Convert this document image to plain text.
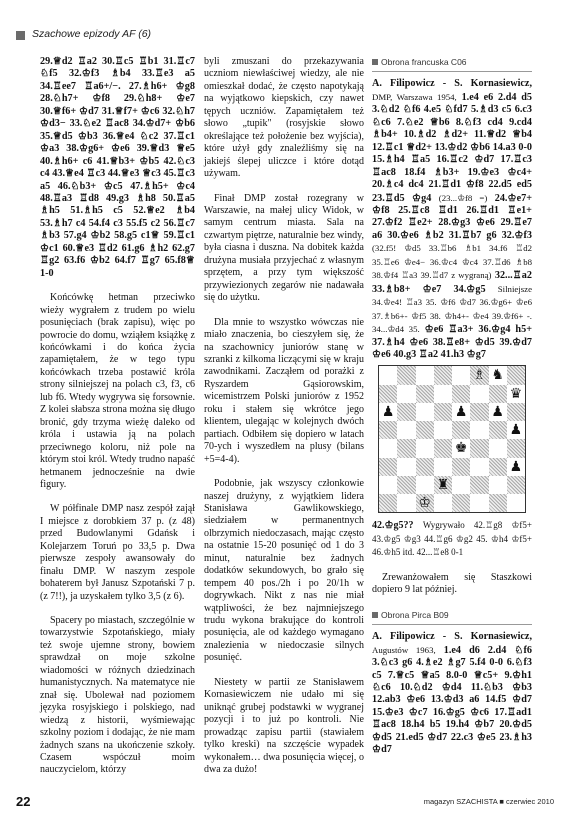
Szachowe epizody AF (6)

29.♕d2 ♖a2 30.♖c5 ♖b1 31.♖c7 ♘f5 32.♔f3 ♗b4 33.♖e3 a5 34.♖ee7 ♖a6+/−. 27.♗h6+ ♔g8 28.♘h7+ ♔f8 29.♘h8+ ♔e7 30.♕f6+ ♔d7 31.♕f7+ ♔c6 32.♘h7 ♔d3− 33.♘e2 ♖ac8 34.♔d7+ ♔b6 35.♕d5 ♔b3 36.♕e4 ♘c2 37.♖c1 ♔a3 38.♔g6+ ♔e6 39.♕d3 ♕e5 40.♗h6+ c6 41.♕b3+ ♔b5 42.♘c3 c4 43.♕e4 ♖c3 44.♕e3 ♕c3 45.♖c3 a5 46.♘b3+ ♔c5 47.♗h5+ ♔c4 48.♖a3 ♖d8 49.g3 ♗h8 50.♖a5 ♗h5 51.♗h5 c5 52.♕e2 ♗b4 53.♗h7 c4 54.f4 c3 55.f5 c2 56.♖c7 ♗b3 57.g4 ♔b2 58.g5 c1♕ 59.♖c1 ♔c1 60.♕e3 ♖d2 61.g6 ♗h2 62.g7 ♖g2 63.f6 ♔b2 64.f7 ♖g7 65.f8♕ 1-0

Końcówkę hetman przeciwko wieży wygrałem z trudem po wielu posunięciach (brak zapisu), więc po powrocie do domu, wziąłem książkę z końcówkami i do końca życia zapamiętałem, że w tego typu końcówkach trzeba postawić króla strony silniejszej na polach c3, f3, c6 lub f6. Wtedy wygrywa się forsownie. Z kolei słabsza strona można się długo bronić, gdy trzyma wieżę daleko od króla i ustawia ją na polach przeciwnego koloru, niż pole na którym stoi król. Wtedy trudno napaść hetmanem jednocześnie na dwie figury.

W półfinale DMP nasz zespół zajął I miejsce z dorobkiem 37 p. (z 48) przed Budowlanymi Gdańsk i Kolejarzem Toruń po 33,5 p. Dwa pierwsze zespoły awansowały do finału DMP. W naszym zespole bohaterem był Janusz Szpotański 7 p. (z 7!!), ja uzyskałem tylko 3,5 (z 6).

Spacery po miastach, szczególnie w towarzystwie Szpotańskiego, miały też swoje ujemne strony, bowiem sprawdzał on moje szkolne wiadomości w różnych dziedzinach humanistycznych. Na matematyce nie znał się. Ubolewał nad poziomem języka rosyjskiego i polskiego, nad wiedzą z historii, wyśmiewając szkolny poziom i dodając, że nie mam żadnych szans na ukończenie szkoły. Czasem wspóczuł moim nauczycielom, którzy

byli zmuszani do przekazywania uczniom niewłaściwej wiedzy, ale nie omieszkał dodać, że często napotykają na wyjątkowo kiepskich, czy nawet tępych uczniów. Zapamiętałem też słowo „tupik" (rosyjskie słowo określające też położenie bez wyjścia), które użył gdy znaleźliśmy się na jakiejś ślepej uliczce i które dotąd używam.

Finał DMP został rozegrany w Warszawie, na małej ulicy Widok, w samym centrum miasta. Sala na czwartym piętrze, naturalnie bez windy, była ciasna i duszna. Na dobitek każda drużyna musiała przyjechać z własnym sprzętem, a przy tym większość przywiezionych zegarów nie nadawała się do użytku.

Dla mnie to wszystko wówczas nie miało znaczenia, bo cieszyłem się, że na szachownicy juniorów stanę w szranki z kilkoma liczącymi się w kraju zawodnikami. Zacząłem od porażki z Ryszardem Gąsiorowskim, wicemistrzem Polski juniorów z 1952 roku i stałem się wkrótce jego klientem, ulegając w kolejnych dwóch partiach. Odbiłem się dopiero w latach 70-ych i wyszedłem na plusy (bilans +5=4-4).

Podobnie, jak wszyscy członkowie naszej drużyny, z wyjątkiem lidera Stanisława Gawlikowskiego, siedziałem w permanentnych olbrzymich niedoczasach, mając często na ostatnie 15-20 posunięć od 1 do 3 minut, naturalnie bez żadnych dodatków sekundowych, bo grało się tempem 40 pos./2h i po 20/1h w dogrywkach. Nikt z nas nie miał wątpliwości, że bez najmniejszego trudu wykona brakujące do kontroli posunięcia, ale od każdego wymagano znalezienia w niedoczasie silnych posunięć.

Niestety w partii ze Stanisławem Kornasiewiczem nie udało mi się uniknąć grubej podstawki w wygranej pozycji i to już po kontroli. Nie prowadząc zapisu partii (stawiałem tylko kreski) na szczęście wypadek wykonałem… dwa posunięcia więcej, o dwa za dużo!

Obrona francuska C06

A. Filipowicz - S. Kornasiewicz, DMP, Warszawa 1954, 1.e4 e6 2.d4 d5 3.♘d2 ♘f6 4.e5 ♘fd7 5.♗d3 c5 6.c3 ♘c6 7.♘e2 ♕b6 8.♘f3 cd4 9.cd4 ♗b4+ 10.♗d2 ♗d2+ 11.♕d2 ♕b4 12.♖c1 ♕d2+ 13.♔d2 ♔b6 14.a3 0-0 15.♗h4 ♖a5 16.♖c2 ♔d7 17.♖c3 ♖ac8 18.f4 ♗b3+ 19.♔e3 ♔c4+ 20.♗c4 dc4 21.♖d1 ♔f8 22.d5 ed5 23.♖d5 ♔g4 (23...♔f8 =) 24.♔e7+ ♔f8 25.♖c8 ♖d1 26.♖d1 ♖e1+ 27.♔f2 ♖e2+ 28.♔g3 ♔e6 29.♖e7 a6 30.♔e6 ♗b2 31.♖b7 g6 32.♔f3 (32.f5! ♔d5 33.♖b6 ♗b1 34.f6 ♖d2 35.♖e6 ♔e4− 36.♔c4 ♔c4 37.♖d6 ♗b8 38.♔f4 ♖a3 39.♖d7 z wygraną) 32...♖a2 33.♗b8+ ♔e7 34.♔g5 Silniejsze 34.♔e4! ♖a3 35. ♔f6 ♔d7 36.♔g6+ ♔e6 37.♗b6+- ♔f5 38. ♔h4+- ♔e4 39.♔f6+ -. 34...♔d4 35. ♔e6 ♖a3+ 36.♔g4 h5+ 37.♗h4 ♔e6 38.♖e8+ ♔d5 39.♔d7 ♔e6 40.g3 ♖a2 41.h3 ♔g7

♗ ♞
♛
♟	♟ ♟
♟
♚
♟
♜
♔

42.♔g5?? Wygrywało 42.♖g8 ♔f5+ 43.♔g5 ♔g3 44.♖g6 ♔g2 45. ♔h4 ♔f5+ 46.♔h5 itd. 42...♖e8 0-1

Zrewanżowałem się Staszkowi dopiero 9 lat później.

Obrona Pirca B09

A. Filipowicz - S. Kornasiewicz, Augustów 1963, 1.e4 d6 2.d4 ♘f6 3.♘c3 g6 4.♗e2 ♗g7 5.f4 0-0 6.♘f3 c5 7.♕c5 ♕a5 8.0-0 ♕c5+ 9.♔h1 ♘c6 10.♘d2 ♔d4 11.♘b3 ♔b3 12.ab3 ♔e6 13.♔d3 a6 14.f5 ♔d7 15.♔e3 ♔c7 16.♔g5 ♔c6 17.♖ad1 ♖ac8 18.h4 b5 19.h4 ♔b7 20.♔d5 ♔d5 21.ed5 ♔d7 22.c3 ♔e5 23.♗h3 ♔d7

22	magazyn SZACHISTA ■ czerwiec 2010
